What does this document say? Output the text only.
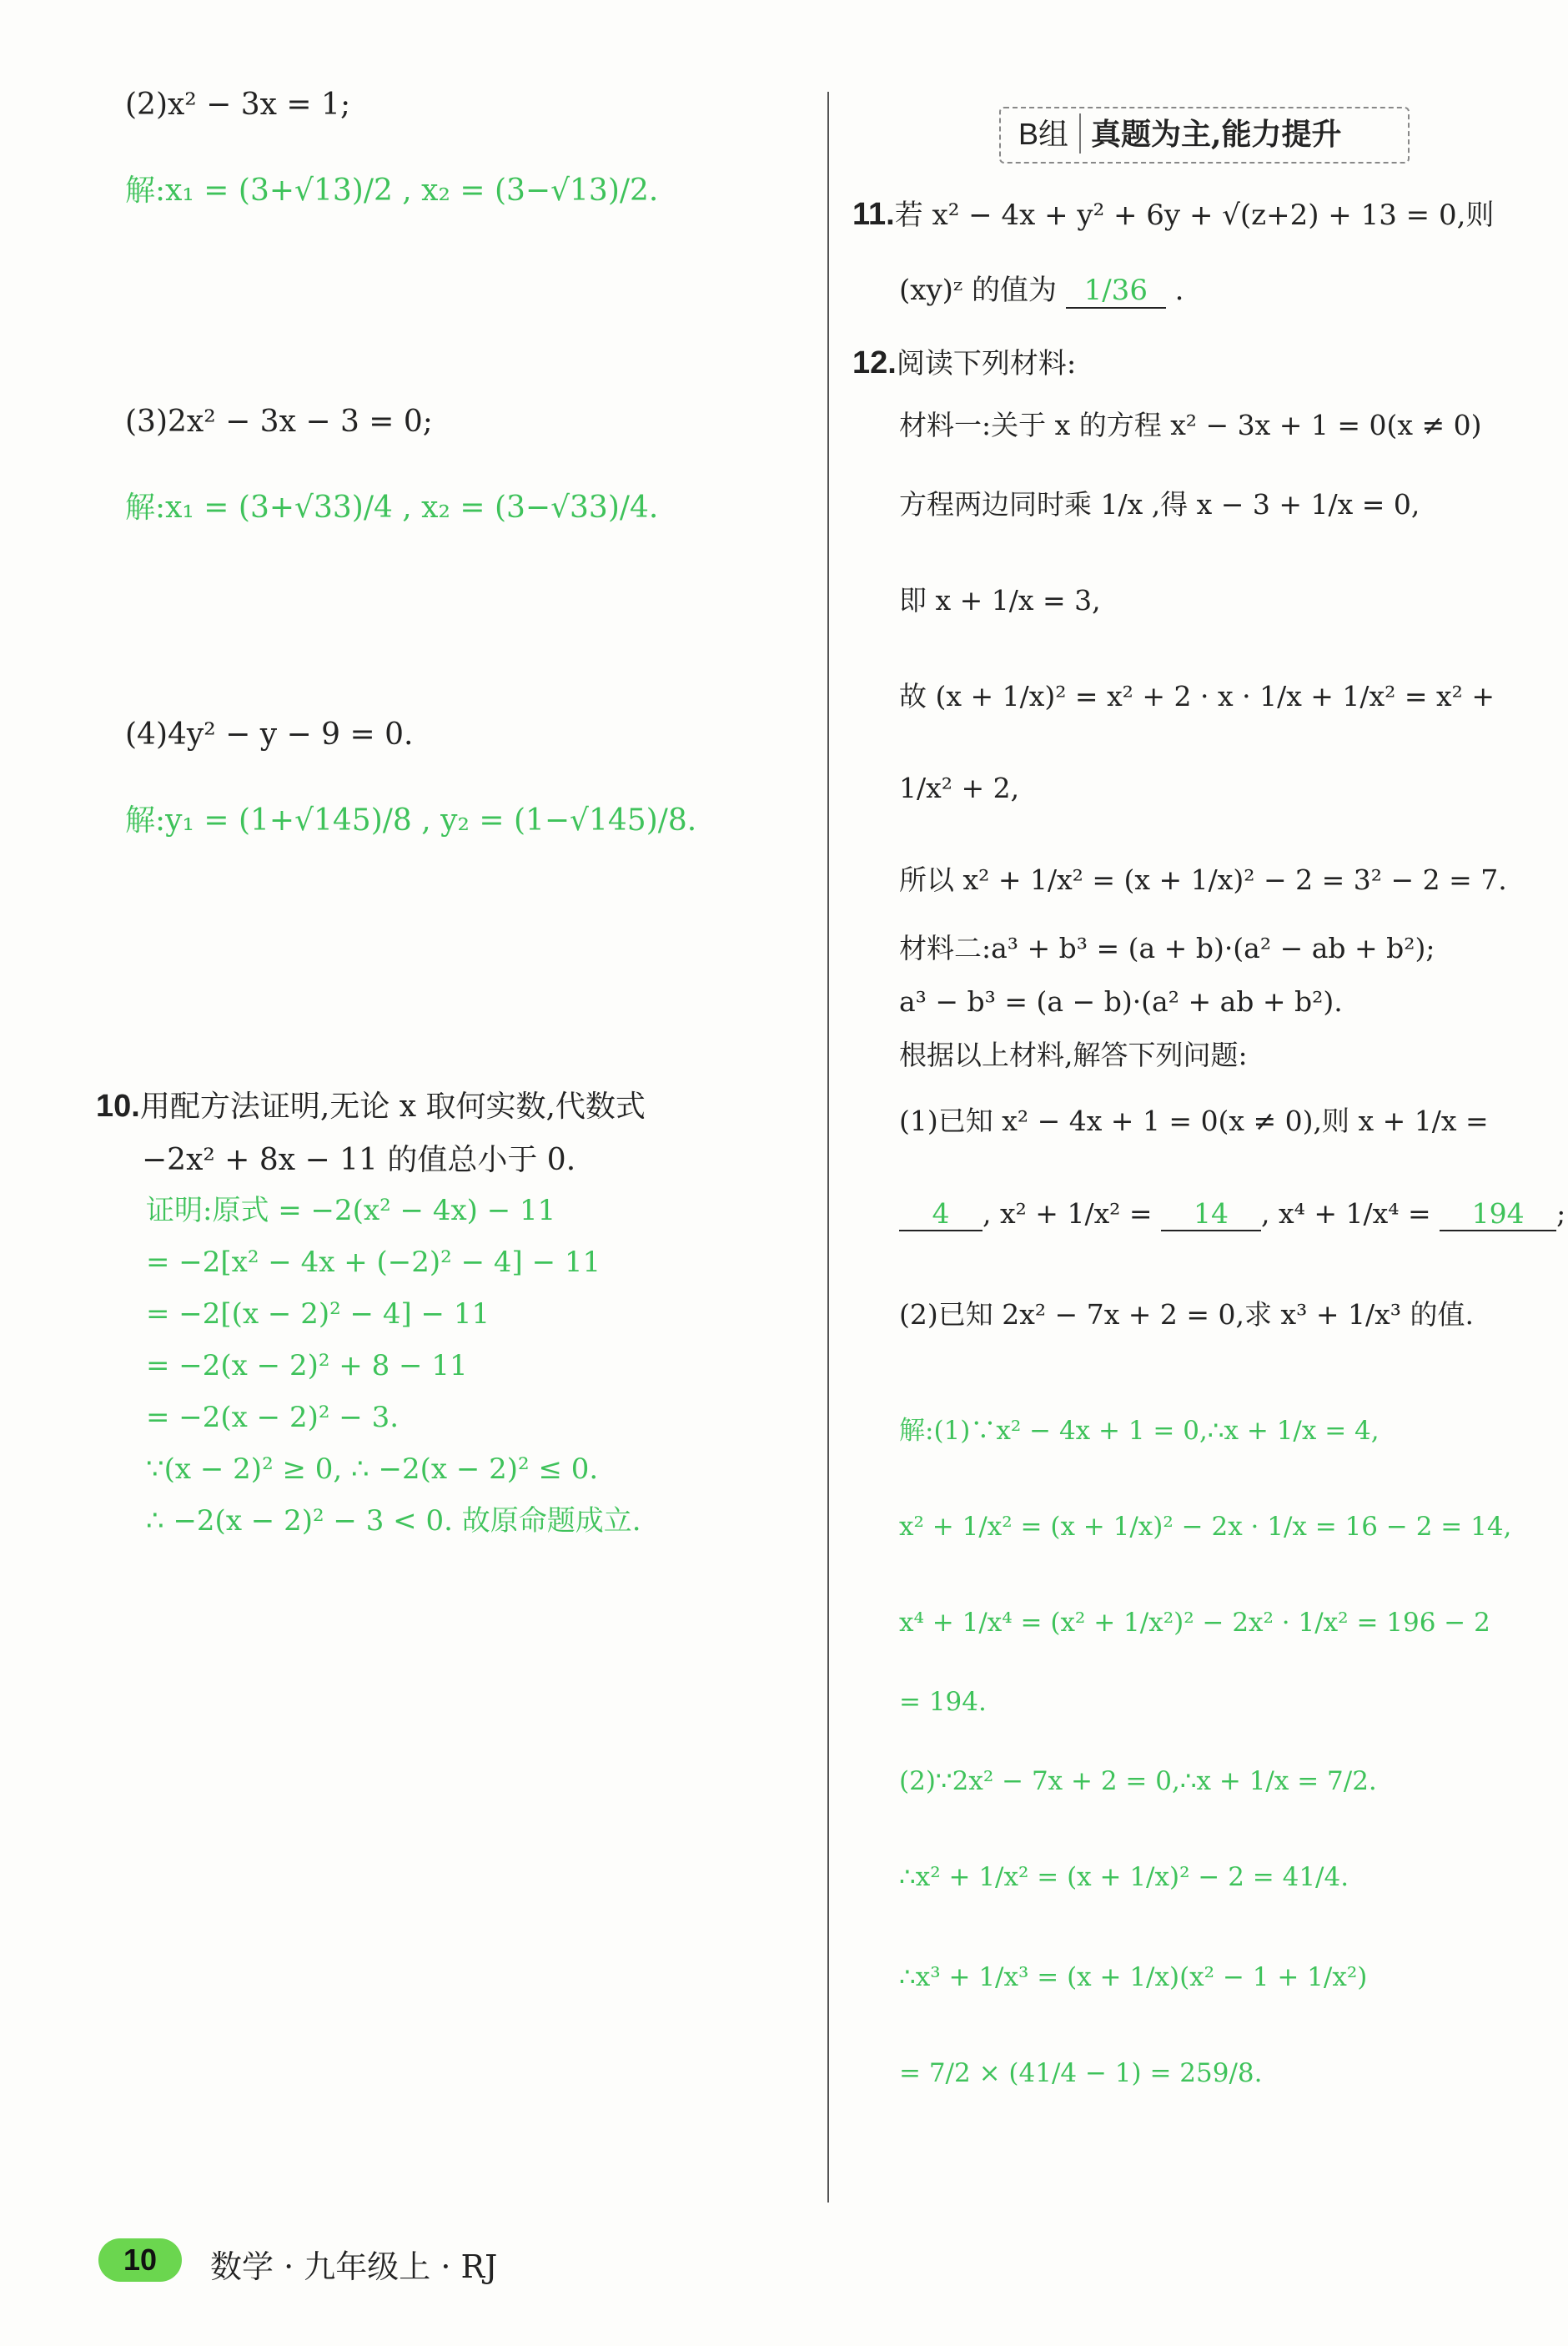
(2)x² − 3x = 1;
解:x₁ = (3+√13)/2 , x₂ = (3−√13)/2.
(3)2x² − 3x − 3 = 0;
解:x₁ = (3+√33)/4 , x₂ = (3−√33)/4.
(4)4y² − y − 9 = 0.
解:y₁ = (1+√145)/8 , y₂ = (1−√145)/8.
10.用配方法证明,无论 x 取何实数,代数式
−2x² + 8x − 11 的值总小于 0.
证明:原式 = −2(x² − 4x) − 11
= −2[x² − 4x + (−2)² − 4] − 11
= −2[(x − 2)² − 4] − 11
= −2(x − 2)² + 8 − 11
= −2(x − 2)² − 3.
∵(x − 2)² ≥ 0, ∴ −2(x − 2)² ≤ 0.
∴ −2(x − 2)² − 3 < 0. 故原命题成立.
B组 真题为主,能力提升
11.若 x² − 4x + y² + 6y + √(z+2) + 13 = 0,则
(xy)ᶻ 的值为 1/36 .
12.阅读下列材料:
材料一:关于 x 的方程 x² − 3x + 1 = 0(x ≠ 0)
方程两边同时乘 1/x ,得 x − 3 + 1/x = 0,
即 x + 1/x = 3,
故 (x + 1/x)² = x² + 2 · x · 1/x + 1/x² = x² +
1/x² + 2,
所以 x² + 1/x² = (x + 1/x)² − 2 = 3² − 2 = 7.
材料二:a³ + b³ = (a + b)·(a² − ab + b²);
a³ − b³ = (a − b)·(a² + ab + b²).
根据以上材料,解答下列问题:
(1)已知 x² − 4x + 1 = 0(x ≠ 0),则 x + 1/x =
4 , x² + 1/x² = 14 , x⁴ + 1/x⁴ = 194 ;
(2)已知 2x² − 7x + 2 = 0,求 x³ + 1/x³ 的值.
解:(1)∵x² − 4x + 1 = 0,∴x + 1/x = 4,
x² + 1/x² = (x + 1/x)² − 2x · 1/x = 16 − 2 = 14,
x⁴ + 1/x⁴ = (x² + 1/x²)² − 2x² · 1/x² = 196 − 2
= 194.
(2)∵2x² − 7x + 2 = 0,∴x + 1/x = 7/2.
∴x² + 1/x² = (x + 1/x)² − 2 = 41/4.
∴x³ + 1/x³ = (x + 1/x)(x² − 1 + 1/x²)
= 7/2 × (41/4 − 1) = 259/8.
10	数学 · 九年级上 · RJ
